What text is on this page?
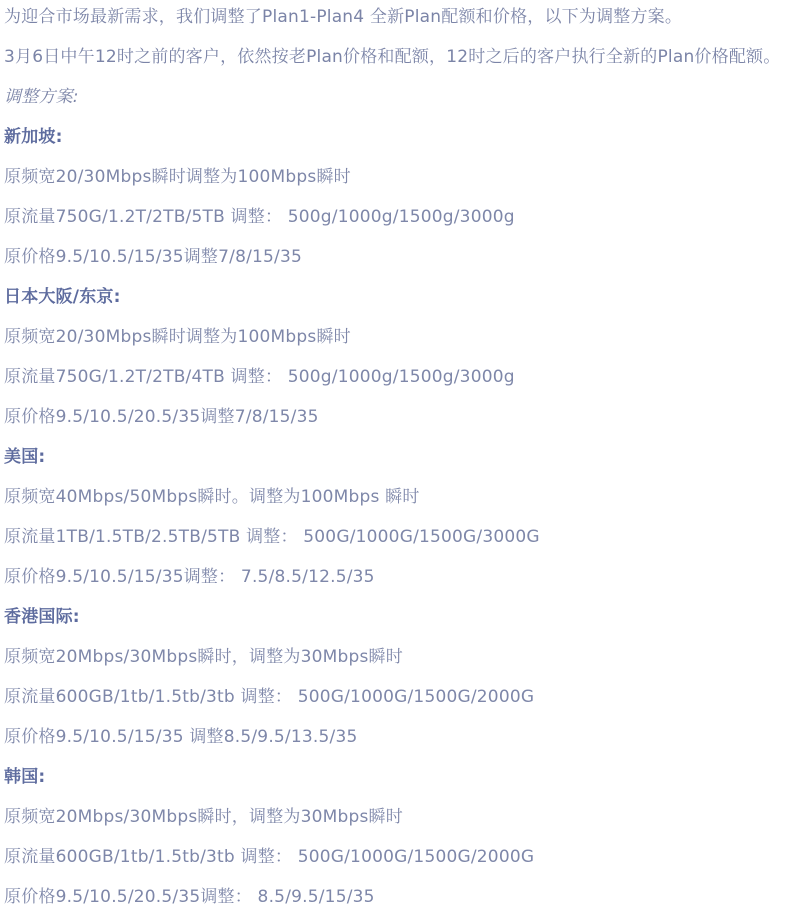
为迎合市场最新需求，我们调整了Plan1-Plan4 全新Plan配额和价格，以下为调整方案。

3月6日中午12时之前的客户，依然按老Plan价格和配额，12时之后的客户执行全新的Plan价格配额。

调整方案:

新加坡:

原频宽20/30Mbps瞬时调整为100Mbps瞬时

原流量750G/1.2T/2TB/5TB 调整： 500g/1000g/1500g/3000g

原价格9.5/10.5/15/35调整7/8/15/35

日本大阪/东京:

原频宽20/30Mbps瞬时调整为100Mbps瞬时

原流量750G/1.2T/2TB/4TB 调整： 500g/1000g/1500g/3000g

原价格9.5/10.5/20.5/35调整7/8/15/35

美国:

原频宽40Mbps/50Mbps瞬时。调整为100Mbps 瞬时

原流量1TB/1.5TB/2.5TB/5TB 调整： 500G/1000G/1500G/3000G

原价格9.5/10.5/15/35调整： 7.5/8.5/12.5/35

香港国际:

原频宽20Mbps/30Mbps瞬时，调整为30Mbps瞬时

原流量600GB/1tb/1.5tb/3tb 调整： 500G/1000G/1500G/2000G

原价格9.5/10.5/15/35 调整8.5/9.5/13.5/35

韩国:

原频宽20Mbps/30Mbps瞬时，调整为30Mbps瞬时

原流量600GB/1tb/1.5tb/3tb 调整： 500G/1000G/1500G/2000G

原价格9.5/10.5/20.5/35调整： 8.5/9.5/15/35
